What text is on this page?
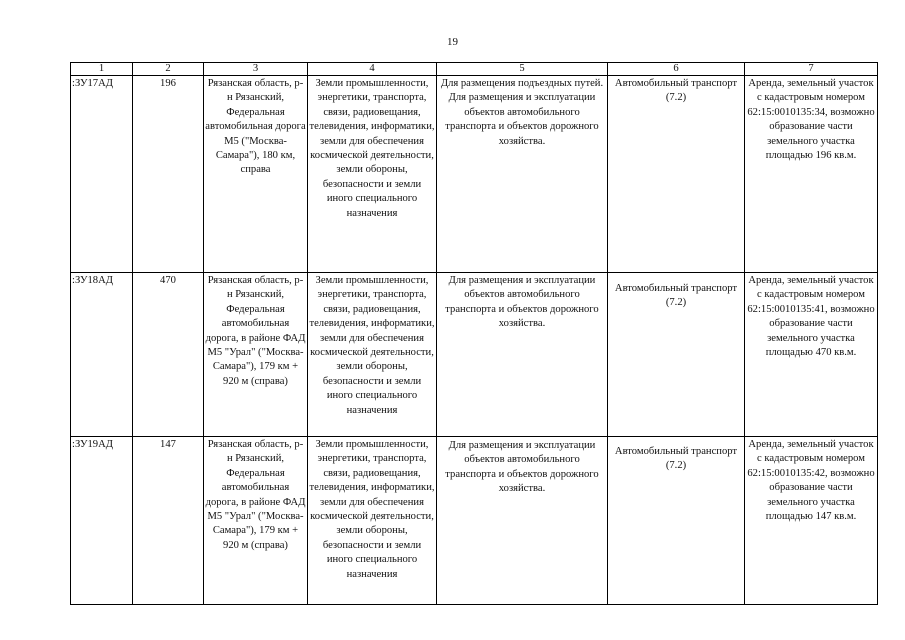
19
1	2	3	4	5	6	7
:ЗУ17АД	196	Рязанская область, р-н Рязанский, Федеральная автомобильная дорога М5 ("Москва-Самара"), 180 км, справа	Земли промышленности, энергетики, транспорта, связи, радиовещания, телевидения, информатики, земли для обеспечения космической деятельности, земли обороны, безопасности и земли иного специального назначения	Для размещения подъездных путей. Для размещения и эксплуатации объектов автомобильного транспорта и объектов дорожного хозяйства.	Автомобильный транспорт (7.2)	Аренда, земельный участок с кадастровым номером 62:15:0010135:34, возможно образование части земельного участка площадью 196 кв.м.
:ЗУ18АД	470	Рязанская область, р-н Рязанский, Федеральная автомобильная дорога, в районе ФАД М5 "Урал" ("Москва-Самара"), 179 км + 920 м (справа)	Земли промышленности, энергетики, транспорта, связи, радиовещания, телевидения, информатики, земли для обеспечения космической деятельности, земли обороны, безопасности и земли иного специального назначения	Для размещения и эксплуатации объектов автомобильного транспорта и объектов дорожного хозяйства.	Автомобильный транспорт (7.2)	Аренда, земельный участок с кадастровым номером 62:15:0010135:41, возможно образование части земельного участка площадью 470 кв.м.
:ЗУ19АД	147	Рязанская область, р-н Рязанский, Федеральная автомобильная дорога, в районе ФАД М5 "Урал" ("Москва- Самара"), 179 км + 920 м (справа)	Земли промышленности, энергетики, транспорта, связи, радиовещания, телевидения, информатики, земли для обеспечения космической деятельности, земли обороны, безопасности и земли иного специального назначения	Для размещения и эксплуатации объектов автомобильного транспорта и объектов дорожного хозяйства.	Автомобильный транспорт (7.2)	Аренда, земельный участок с кадастровым номером 62:15:0010135:42, возможно образование части земельного участка площадью 147 кв.м.
